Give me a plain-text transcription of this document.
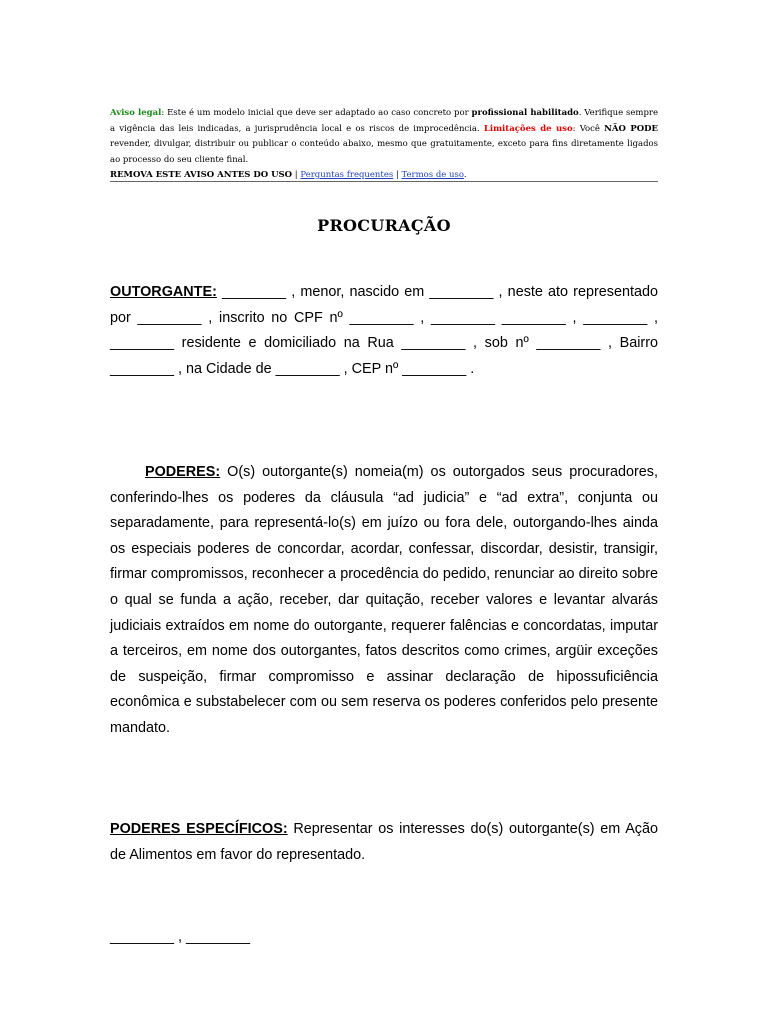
Aviso legal: Este é um modelo inicial que deve ser adaptado ao caso concreto por profissional habilitado. Verifique sempre a vigência das leis indicadas, a jurisprudência local e os riscos de improcedência. Limitações de uso: Você NÃO PODE revender, divulgar, distribuir ou publicar o conteúdo abaixo, mesmo que gratuitamente, exceto para fins diretamente ligados ao processo do seu cliente final.
REMOVA ESTE AVISO ANTES DO USO | Perguntas frequentes | Termos de uso.
PROCURAÇÃO
OUTORGANTE: ________ , menor, nascido em ________ , neste ato representado por ________ , inscrito no CPF nº ________ , ________ ________ , ________ , ________ residente e domiciliado na Rua ________ , sob nº ________ , Bairro ________ , na Cidade de ________ , CEP nº ________ .
PODERES: O(s) outorgante(s) nomeia(m) os outorgados seus procuradores, conferindo-lhes os poderes da cláusula “ad judicia” e “ad extra”, conjunta ou separadamente, para representá-lo(s) em juízo ou fora dele, outorgando-lhes ainda os especiais poderes de concordar, acordar, confessar, discordar, desistir, transigir, firmar compromissos, reconhecer a procedência do pedido, renunciar ao direito sobre o qual se funda a ação, receber, dar quitação, receber valores e levantar alvarás judiciais extraídos em nome do outorgante, requerer falências e concordatas, imputar a terceiros, em nome dos outorgantes, fatos descritos como crimes, argüir exceções de suspeição, firmar compromisso e assinar declaração de hipossuficiência econômica e substabelecer com ou sem reserva os poderes conferidos pelo presente mandato.
PODERES ESPECÍFICOS: Representar os interesses do(s) outorgante(s) em Ação de Alimentos em favor do representado.
________ , ________
